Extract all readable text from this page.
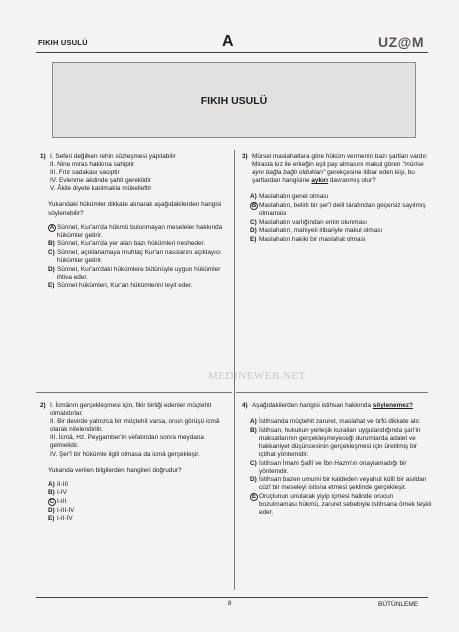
FIKIH USULÜ	A	UZ@M
FIKIH USULÜ
MEDINEWEB.NET
1) I. Seferi değilken rehin sözleşmesi yapılabilir
II. Nine miras hakkına sahiptir
III. Fıtır sadakası vaciptir
IV. Evlenme akdinde şahit gereklidir
V. Âkile diyete katılmakla mükelleftir
Yukarıdaki hükümler dikkate alınarak aşağıdakilerden hangisi söylenebilir?
A Sünnet, Kur'an'da hükmü bulunmayan meseleler hakkında hükümler getirir.
B) Sünnet, Kur'an'da yer alan bazı hükümleri nesheder.
C) Sünnet, açıklanamaya muhtaç Kur'an nasslarını açıklayıcı hükümler getirir.
D) Sünnet, Kur'an'daki hükümlere bütünüyle uygun hükümler ihtiva eder.
E) Sünnet hükümleri, Kur'an hükümlerini teyit eder.
2) I. İcmânın gerçekleşmesi için, fikir birliği edenler müçtehit olmalıdırlar.
II. Bir devirde yalnızca bir müçtehit varsa, onun görüşü icmâ olarak nitelendirilir.
III. İcmâ, Hz. Peygamber'in vefatından sonra meydana gelmelidir.
IV. Şer'î bir hükümle ilgili olmasa da icmâ gerçekleşir.
Yukarıda verilen bilgilerden hangileri doğrudur?
A) II-III
B) I-IV
C I-III
D) I-III-IV
E) I-II-IV
3) Mürsel maslahatlara göre hüküm vermenin bazı şartları vardır. Mirasta kız ile erkeğin eşit pay almasını makul gören "mürise aynı bağla bağlı oldukları" gerekçesine itibar eden kişi, bu şartlardan hangisine aykırı davranmış olur?
A) Maslahatın genel olması
B Maslahatın, belirli bir şer'î delil tarafından geçersiz sayılmış olmaması
C) Maslahatın varlığından emin olunması
D) Maslahatın, mahiyeti itibariyle makul olması
E) Maslahatın hakiki bir maslahat olması
4) Aşağıdakilerden hangisi istihsan hakkında söylenemez?
A) İstihsanda müçtehit zaruret, maslahat ve örfü dikkate alır.
B) İstihsan, hukukun yerleşik kuralları uygulandığında şari'in maksatlarının gerçekleşmeyeceği durumlarda adalet ve hakkaniyet düşüncesinin gerçekleşmesi için üretilmiş bir içtihat yöntemidir.
C) İstihsan İmam Şafiî ve İbn Hazm'ın onaylamadığı bir yöntemdir.
D) İstihsan bazen umumi bir kaideden veyahut küllî bir asıldan cüzî bir meseleyi istisna etmesi şeklinde gerçekleşir.
E Oruçlunun unutarak yiyip içmesi halinde orucun bozulmaması hükmü, zaruret sebebiyle istihsana örnek teşkil eder.
8	BÜTÜNLEME
